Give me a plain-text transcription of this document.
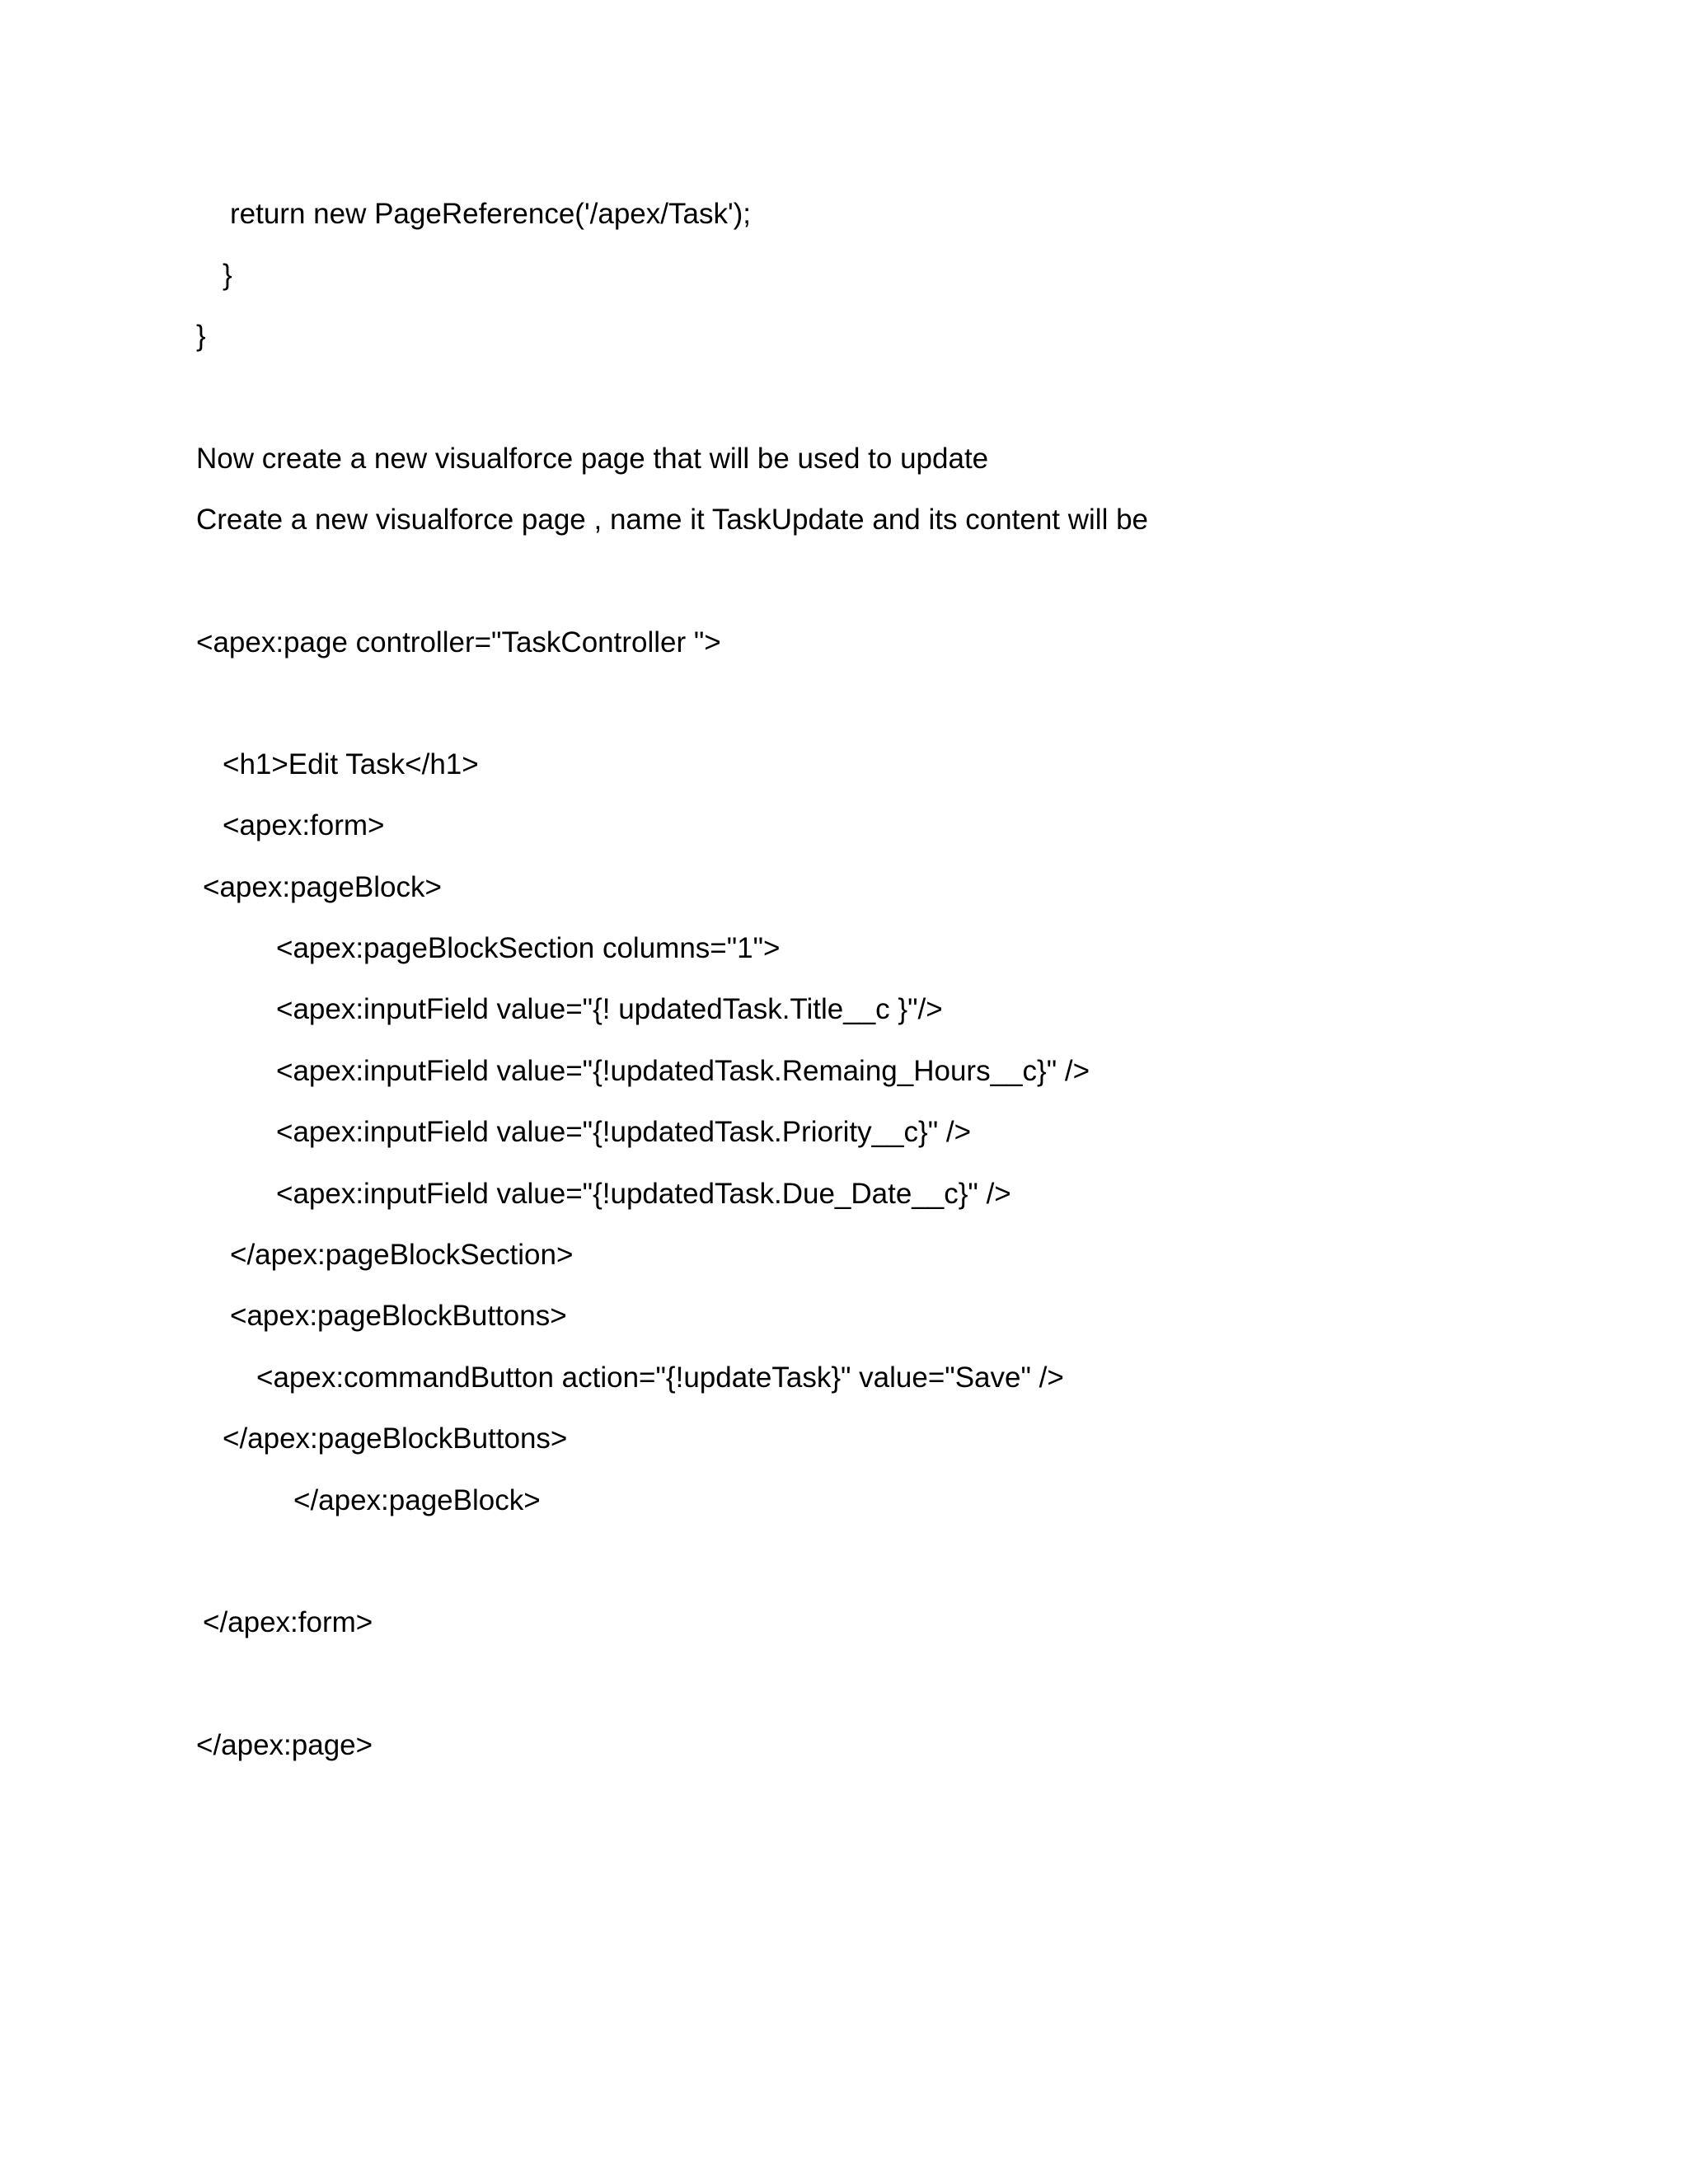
return new PageReference('/apex/Task');
}
}
Now create a new visualforce page that will be used to update
Create a new visualforce page , name it TaskUpdate and its content will be
<apex:page controller="TaskController ">
<h1>Edit Task</h1>
<apex:form>
<apex:pageBlock>
<apex:pageBlockSection columns="1">
<apex:inputField value="{! updatedTask.Title__c }"/>
<apex:inputField value="{!updatedTask.Remaing_Hours__c}" />
<apex:inputField value="{!updatedTask.Priority__c}" />
<apex:inputField value="{!updatedTask.Due_Date__c}" />
</apex:pageBlockSection>
<apex:pageBlockButtons>
<apex:commandButton action="{!updateTask}" value="Save" />
</apex:pageBlockButtons>
</apex:pageBlock>
</apex:form>
</apex:page>
